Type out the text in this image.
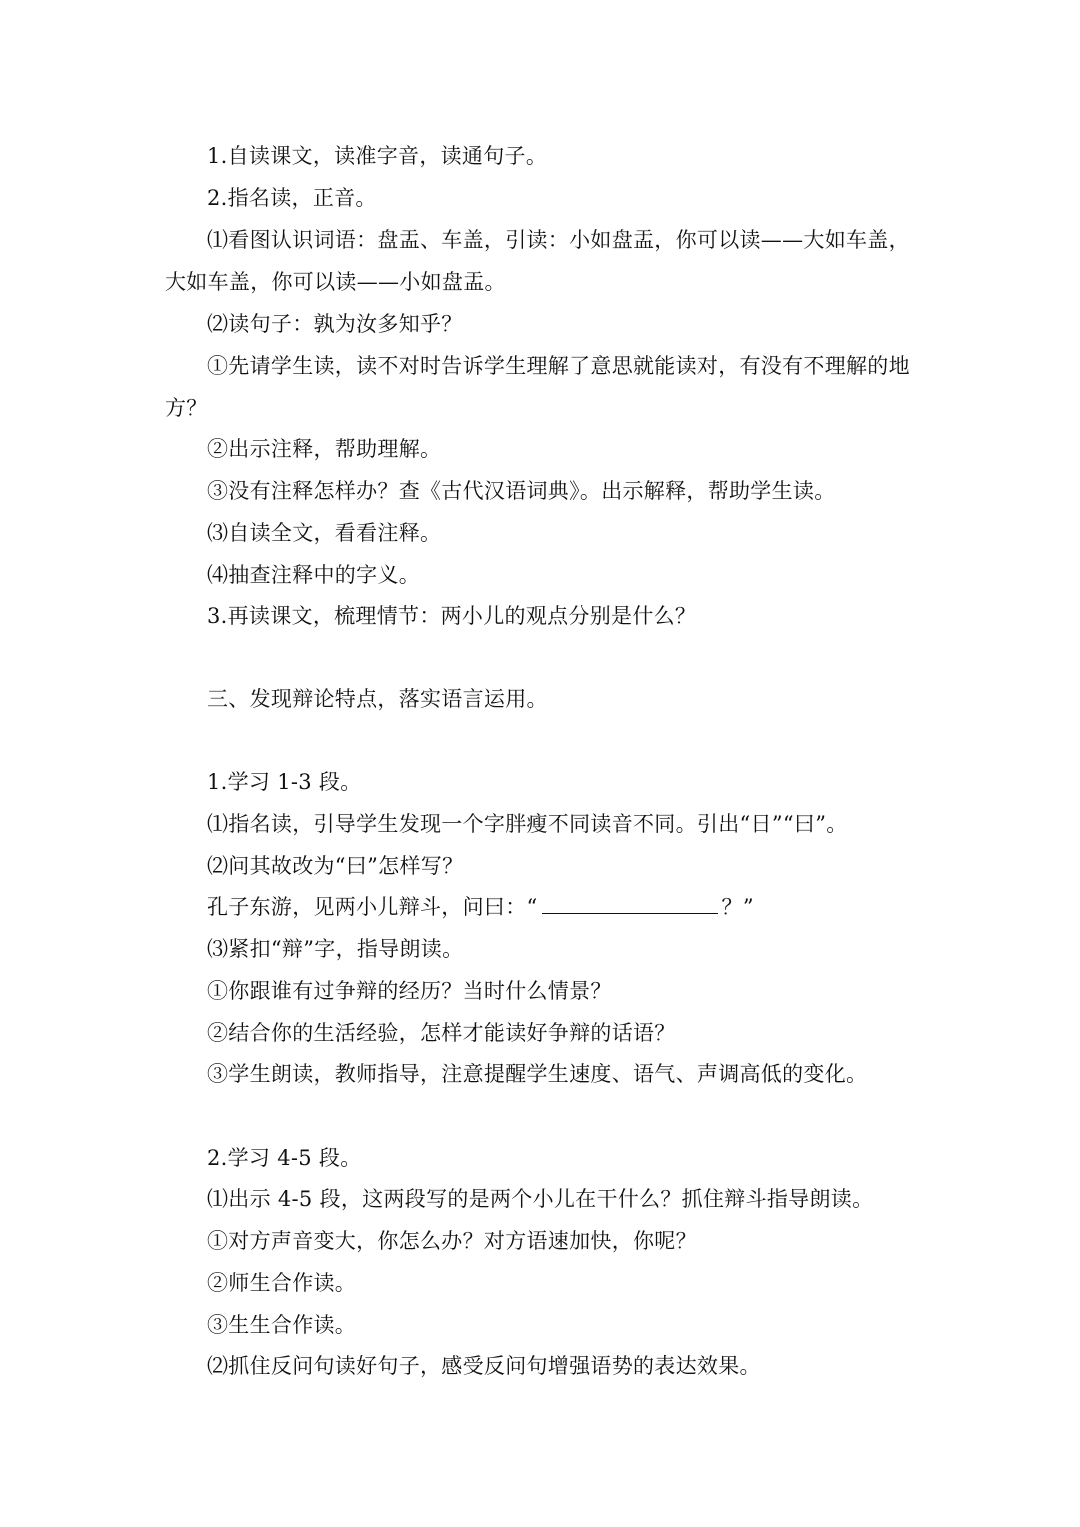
1.自读课文，读准字音，读通句子。
2.指名读，正音。
⑴看图认识词语：盘盂、车盖，引读：小如盘盂，你可以读——大如车盖，
大如车盖，你可以读——小如盘盂。
⑵读句子：孰为汝多知乎？
①先请学生读，读不对时告诉学生理解了意思就能读对，有没有不理解的地
方？
②出示注释，帮助理解。
③没有注释怎样办？查《古代汉语词典》。出示解释，帮助学生读。
⑶自读全文，看看注释。
⑷抽查注释中的字义。
3.再读课文，梳理情节：两小儿的观点分别是什么？
三、发现辩论特点，落实语言运用。
1.学习 1-3 段。
⑴指名读，引导学生发现一个字胖瘦不同读音不同。引出“日”“曰”。
⑵问其故改为“曰”怎样写？
孔子东游，见两小儿辩斗，问曰：“	？”
⑶紧扣“辩”字，指导朗读。
①你跟谁有过争辩的经历？当时什么情景？
②结合你的生活经验，怎样才能读好争辩的话语？
③学生朗读，教师指导，注意提醒学生速度、语气、声调高低的变化。
2.学习 4-5 段。
⑴出示 4-5 段，这两段写的是两个小儿在干什么？抓住辩斗指导朗读。
①对方声音变大，你怎么办？对方语速加快，你呢？
②师生合作读。
③生生合作读。
⑵抓住反问句读好句子，感受反问句增强语势的表达效果。
